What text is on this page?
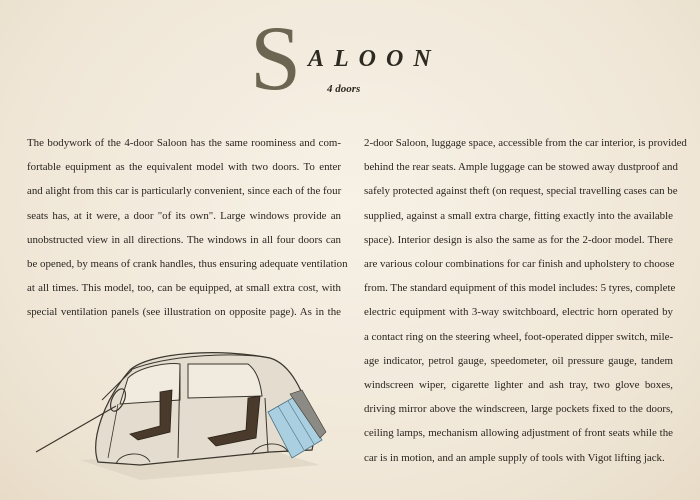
S ALOON
4 doors
The bodywork of the 4-door Saloon has the same roominess and com-
fortable equipment as the equivalent model with two doors. To enter
and alight from this car is particularly convenient, since each of the four
seats has, at it were, a door "of its own". Large windows provide an
unobstructed view in all directions. The windows in all four doors can
be opened, by means of crank handles, thus ensuring adequate ventilation
at all times. This model, too, can be equipped, at small extra cost, with
special ventilation panels (see illustration on opposite page). As in the
2-door Saloon, luggage space, accessible from the car interior, is provided
behind the rear seats. Ample luggage can be stowed away dustproof and
safely protected against theft (on request, special travelling cases can be
supplied, against a small extra charge, fitting exactly into the available
space). Interior design is also the same as for the 2-door model. There
are various colour combinations for car finish and upholstery to choose
from. The standard equipment of this model includes: 5 tyres, complete
electric equipment with 3-way switchboard, electric horn operated by
a contact ring on the steering wheel, foot-operated dipper switch, mile-
age indicator, petrol gauge, speedometer, oil pressure gauge, tandem
windscreen wiper, cigarette lighter and ash tray, two glove boxes,
driving mirror above the windscreen, large pockets fixed to the doors,
ceiling lamps, mechanism allowing adjustment of front seats while the
car is in motion, and an ample supply of tools with Vigot lifting jack.
